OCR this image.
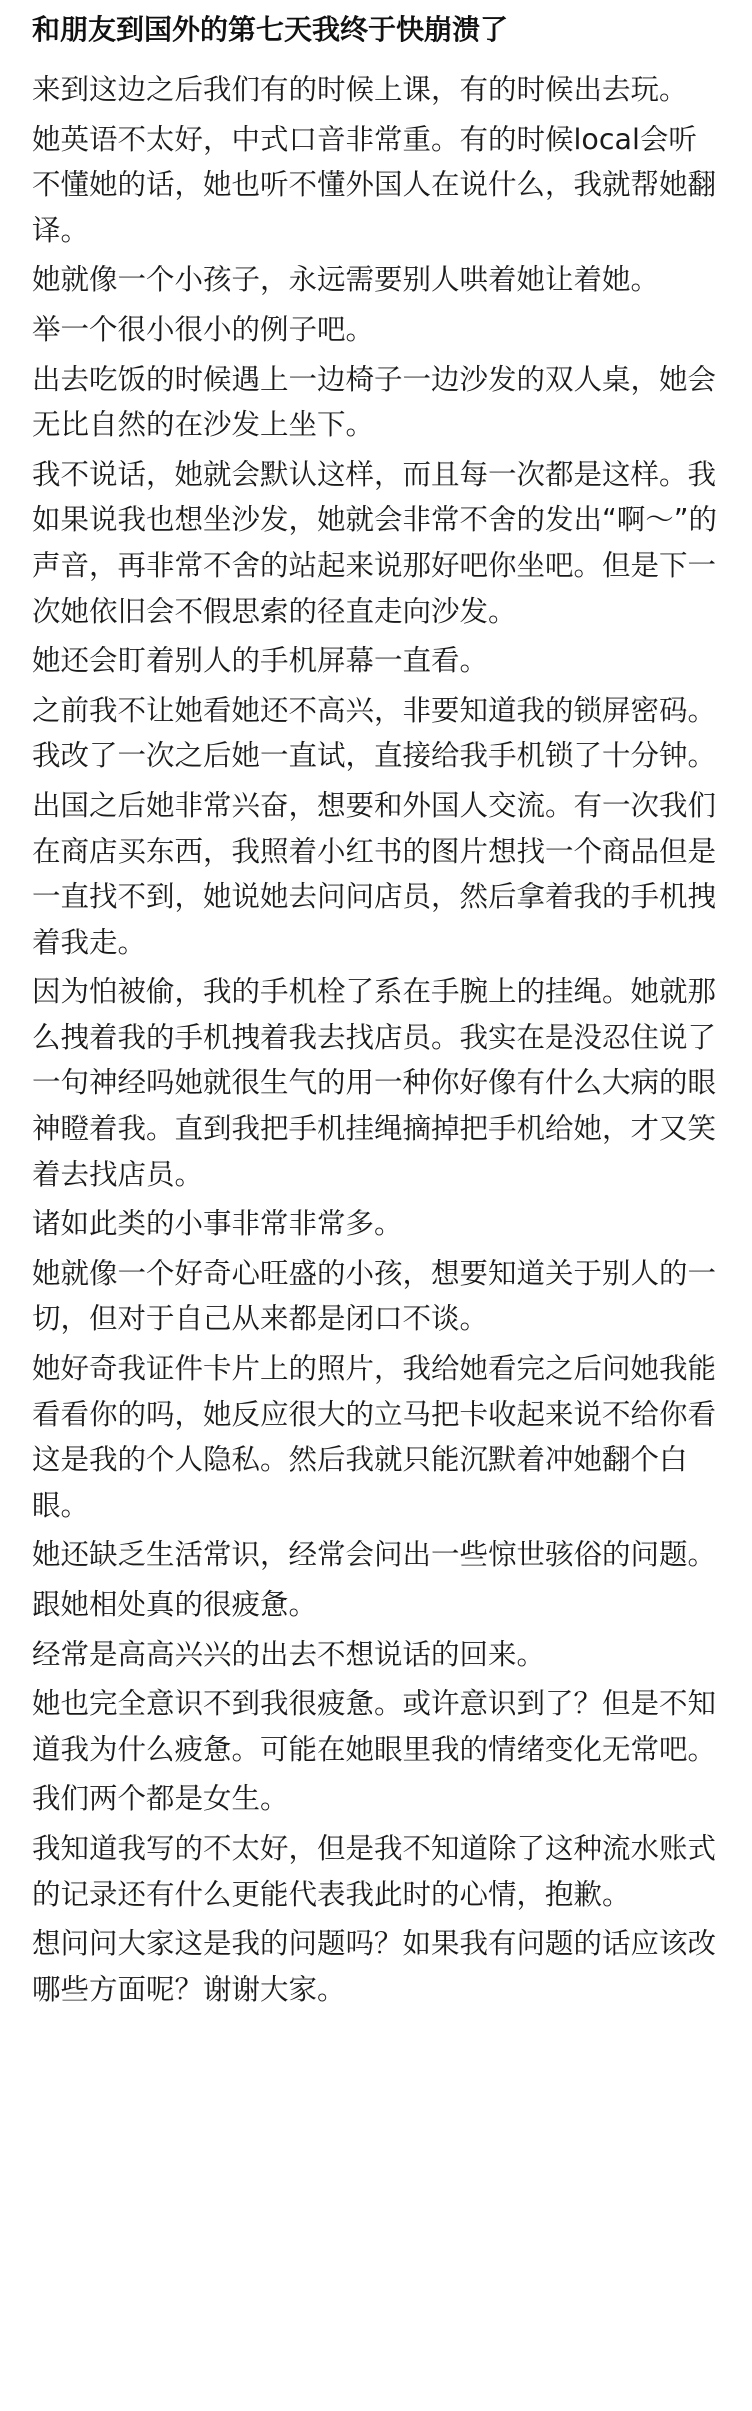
和朋友到国外的第七天我终于快崩溃了

来到这边之后我们有的时候上课，有的时候出去玩。

她英语不太好，中式口音非常重。有的时候local会听不懂她的话，她也听不懂外国人在说什么，我就帮她翻译。

她就像一个小孩子，永远需要别人哄着她让着她。

举一个很小很小的例子吧。

出去吃饭的时候遇上一边椅子一边沙发的双人桌，她会无比自然的在沙发上坐下。

我不说话，她就会默认这样，而且每一次都是这样。我如果说我也想坐沙发，她就会非常不舍的发出“啊～”的声音，再非常不舍的站起来说那好吧你坐吧。但是下一次她依旧会不假思索的径直走向沙发。

她还会盯着别人的手机屏幕一直看。

之前我不让她看她还不高兴，非要知道我的锁屏密码。我改了一次之后她一直试，直接给我手机锁了十分钟。

出国之后她非常兴奋，想要和外国人交流。有一次我们在商店买东西，我照着小红书的图片想找一个商品但是一直找不到，她说她去问问店员，然后拿着我的手机拽着我走。

因为怕被偷，我的手机栓了系在手腕上的挂绳。她就那么拽着我的手机拽着我去找店员。我实在是没忍住说了一句神经吗她就很生气的用一种你好像有什么大病的眼神瞪着我。直到我把手机挂绳摘掉把手机给她，才又笑着去找店员。

诸如此类的小事非常非常多。

她就像一个好奇心旺盛的小孩，想要知道关于别人的一切，但对于自己从来都是闭口不谈。

她好奇我证件卡片上的照片，我给她看完之后问她我能看看你的吗，她反应很大的立马把卡收起来说不给你看这是我的个人隐私。然后我就只能沉默着冲她翻个白眼。

她还缺乏生活常识，经常会问出一些惊世骇俗的问题。

跟她相处真的很疲惫。

经常是高高兴兴的出去不想说话的回来。

她也完全意识不到我很疲惫。或许意识到了？但是不知道我为什么疲惫。可能在她眼里我的情绪变化无常吧。

我们两个都是女生。

我知道我写的不太好，但是我不知道除了这种流水账式的记录还有什么更能代表我此时的心情，抱歉。

想问问大家这是我的问题吗？如果我有问题的话应该改哪些方面呢？谢谢大家。
